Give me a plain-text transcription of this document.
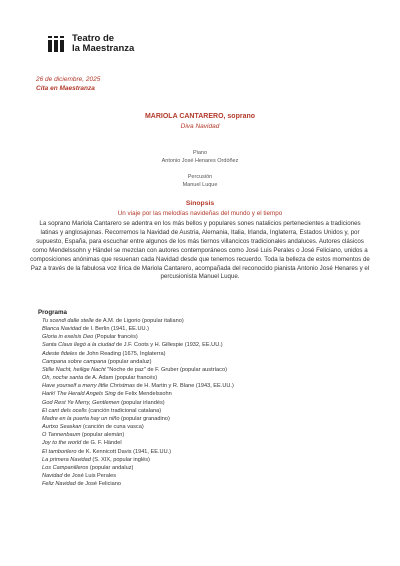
Teatro de
la Maestranza
26 de diciembre, 2025
Cita en Maestranza
MARIOLA CANTARERO, soprano
Diva Navidad
Piano
Antonio José Henares Ordóñez
Percusión
Manuel Luque
Sinopsis
Un viaje por las melodías navideñas del mundo y el tiempo
La soprano Mariola Cantarero se adentra en los más bellos y populares sones natalicios pertenecientes a tradiciones latinas y anglosajonas. Recorremos la Navidad de Austria, Alemania, Italia, Irlanda, Inglaterra, Estados Unidos y, por supuesto, España, para escuchar entre algunos de los más tiernos villancicos tradicionales andaluces. Autores clásicos como Mendelssohn y Händel se mezclan con autores contemporáneos como José Luis Perales o José Feliciano, unidos a composiciones anónimas que resuenan cada Navidad desde que tenemos recuerdo. Toda la belleza de estos momentos de Paz a través de la fabulosa voz lírica de Mariola Cantarero, acompañada del reconocido pianista Antonio José Henares y el percusionista Manuel Luque.
Programa
Tu scendi dalle stelle de A.M. de Ligorio (popular italiano)
Blanca Navidad de I. Berlin (1941, EE.UU.)
Gloria in exelsis Deo (Popular francés)
Santa Claus llegó a la ciudad de J.F. Coots y H. Gillespie (1932, EE.UU.)
Adeste fideles de John Reading (1675, Inglaterra)
Campana sobre campana (popular andaluz)
Stille Nacht, heilige Nacht "Noche de paz" de F. Gruber (popular austríaco)
Oh, noche santa de A. Adam (popular francés)
Have yourself a merry little Christmas de H. Martin y R. Blane (1943, EE.UU.)
Hark! The Herald Angels Sing de Felix Mendelssohn
God Rest Ye Merry, Gentlemen (popular irlandés)
El cant dels ocells (canción tradicional catalana)
Madre en la puerta hay un niño (popular granadino)
Aurtxo Seaskan (canción de cuna vasca)
O Tannenbaum (popular alemán)
Joy to the world de G. F. Händel
El tamborilero de K. Kennicott Davis (1941, EE.UU.)
La primera Navidad (S. XIX, popular inglés)
Los Campanilleros (popular andaluz)
Navidad de José Luis Perales
Feliz Navidad de José Feliciano
